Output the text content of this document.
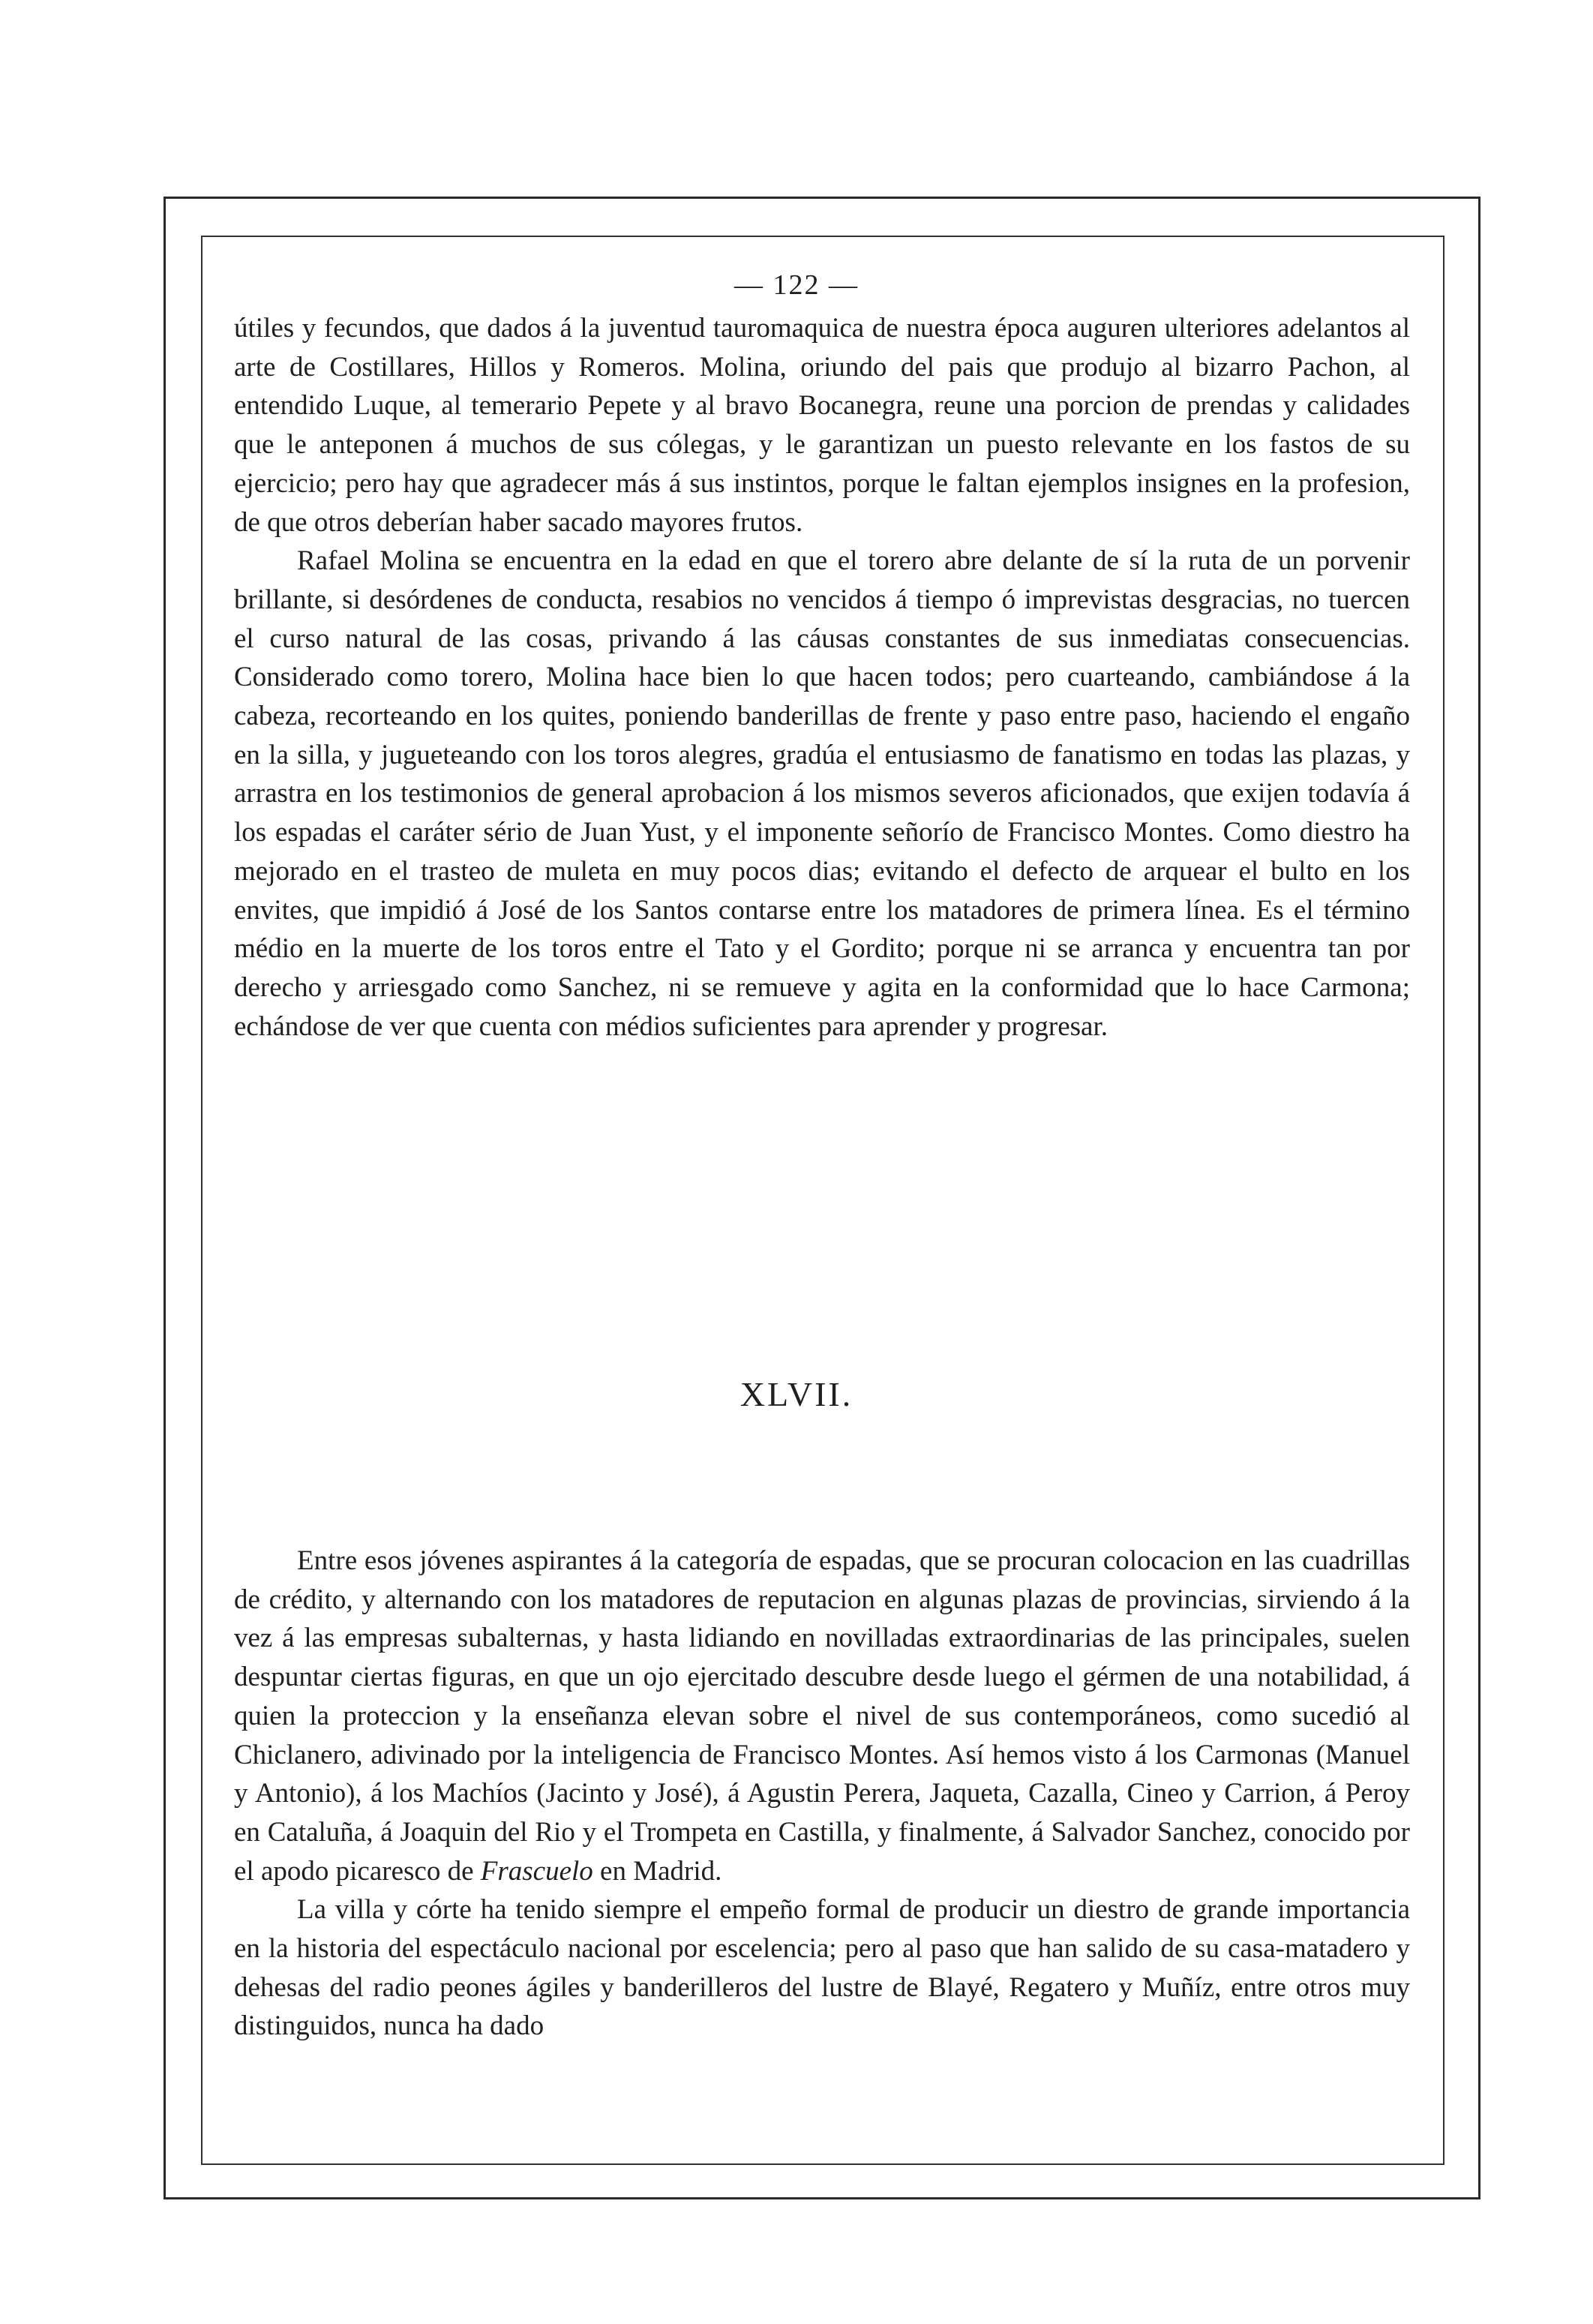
— 122 —

útiles y fecundos, que dados á la juventud tauromaquica de nuestra época auguren ulteriores adelantos al arte de Costillares, Hillos y Romeros. Molina, oriundo del pais que produjo al bizarro Pachon, al entendido Luque, al temerario Pepete y al bravo Bocanegra, reune una porcion de prendas y calidades que le anteponen á muchos de sus cólegas, y le garantizan un puesto relevante en los fastos de su ejercicio; pero hay que agradecer más á sus instintos, porque le faltan ejemplos insignes en la profesion, de que otros deberían haber sacado mayores frutos.

Rafael Molina se encuentra en la edad en que el torero abre delante de sí la ruta de un porvenir brillante, si desórdenes de conducta, resabios no vencidos á tiempo ó imprevistas desgracias, no tuercen el curso natural de las cosas, privando á las cáusas constantes de sus inmediatas consecuencias. Considerado como torero, Molina hace bien lo que hacen todos; pero cuarteando, cambiándose á la cabeza, recorteando en los quites, poniendo banderillas de frente y paso entre paso, haciendo el engaño en la silla, y jugueteando con los toros alegres, gradúa el entusiasmo de fanatismo en todas las plazas, y arrastra en los testimonios de general aprobacion á los mismos severos aficionados, que exijen todavía á los espadas el caráter sério de Juan Yust, y el imponente señorío de Francisco Montes. Como diestro ha mejorado en el trasteo de muleta en muy pocos dias; evitando el defecto de arquear el bulto en los envites, que impidió á José de los Santos contarse entre los matadores de primera línea. Es el término médio en la muerte de los toros entre el Tato y el Gordito; porque ni se arranca y encuentra tan por derecho y arriesgado como Sanchez, ni se remueve y agita en la conformidad que lo hace Carmona; echándose de ver que cuenta con médios suficientes para aprender y progresar.

XLVII.

Entre esos jóvenes aspirantes á la categoría de espadas, que se procuran colocacion en las cuadrillas de crédito, y alternando con los matadores de reputacion en algunas plazas de provincias, sirviendo á la vez á las empresas subalternas, y hasta lidiando en novilladas extraordinarias de las principales, suelen despuntar ciertas figuras, en que un ojo ejercitado descubre desde luego el gérmen de una notabilidad, á quien la proteccion y la enseñanza elevan sobre el nivel de sus contemporáneos, como sucedió al Chiclanero, adivinado por la inteligencia de Francisco Montes. Así hemos visto á los Carmonas (Manuel y Antonio), á los Machíos (Jacinto y José), á Agustin Perera, Jaqueta, Cazalla, Cineo y Carrion, á Peroy en Cataluña, á Joaquin del Rio y el Trompeta en Castilla, y finalmente, á Salvador Sanchez, conocido por el apodo picaresco de Frascuelo en Madrid.

La villa y córte ha tenido siempre el empeño formal de producir un diestro de grande importancia en la historia del espectáculo nacional por escelencia; pero al paso que han salido de su casa-matadero y dehesas del radio peones ágiles y banderilleros del lustre de Blayé, Regatero y Muñíz, entre otros muy distinguidos, nunca ha dado
